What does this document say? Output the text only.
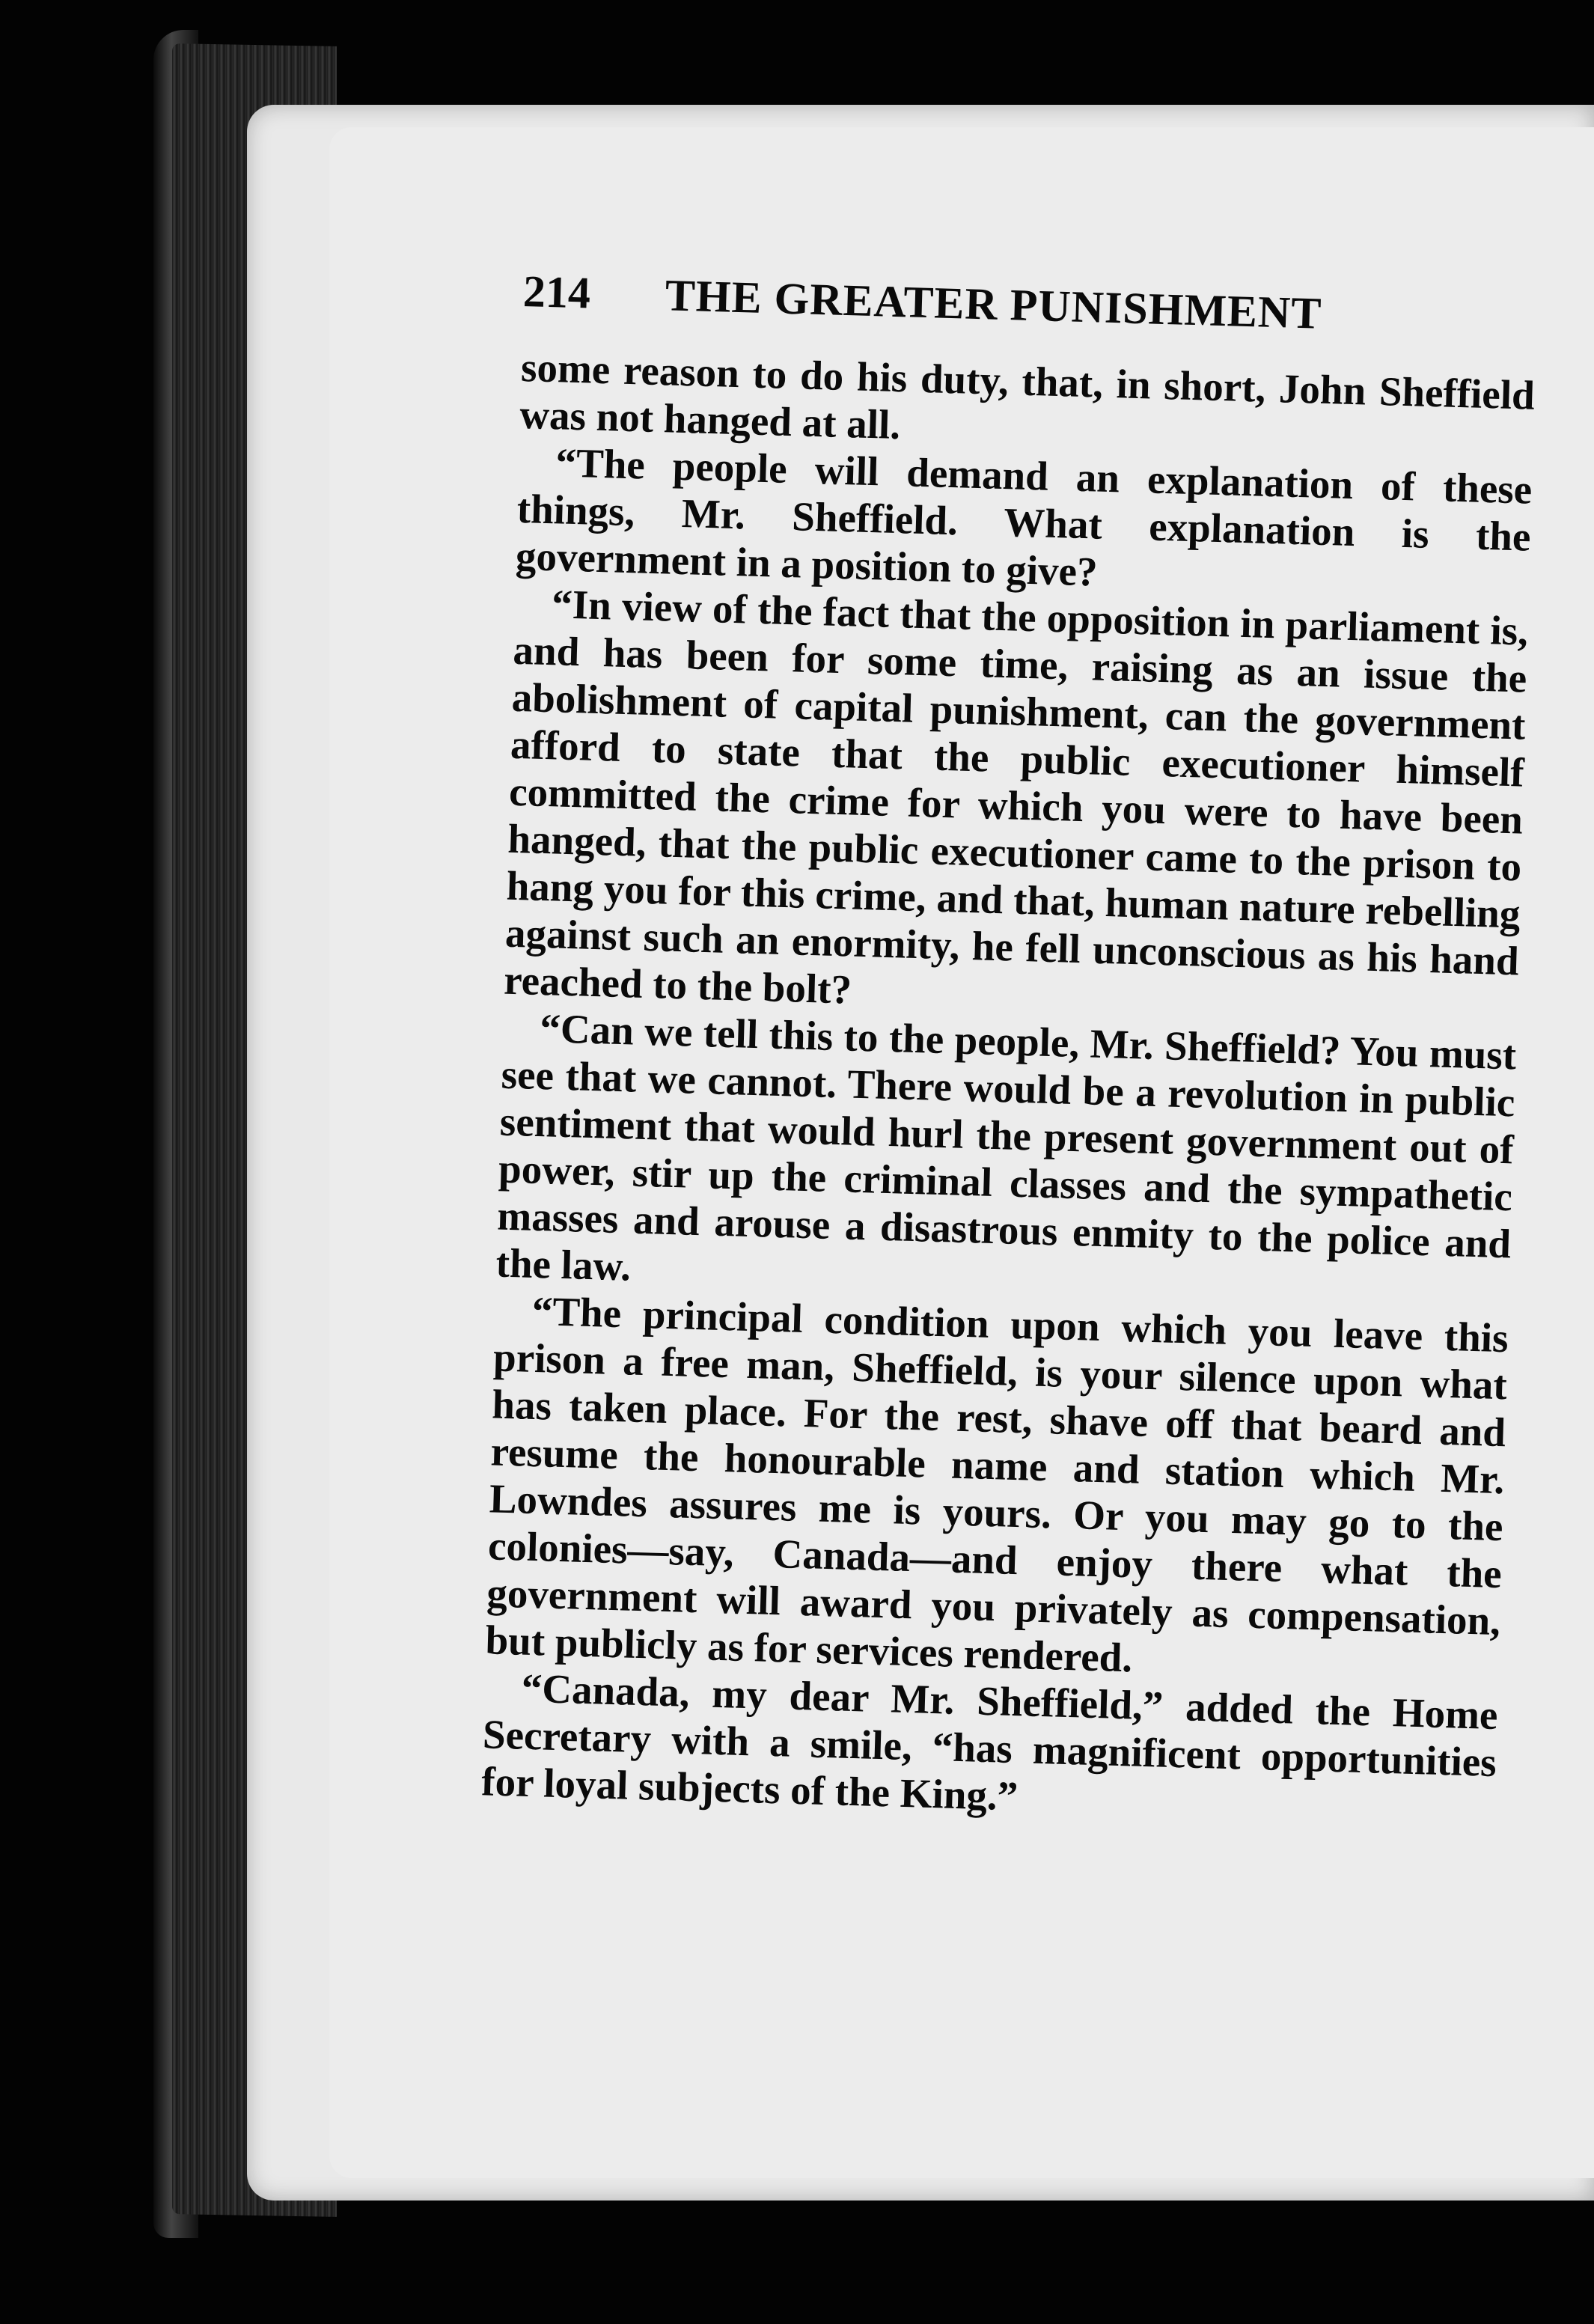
214	THE GREATER PUNISHMENT

some reason to do his duty, that, in short, John Sheffield was not hanged at all.

“The people will demand an explanation of these things, Mr. Sheffield. What explanation is the government in a position to give?

“In view of the fact that the opposition in parliament is, and has been for some time, raising as an issue the abolishment of capital punishment, can the government afford to state that the public executioner himself committed the crime for which you were to have been hanged, that the public executioner came to the prison to hang you for this crime, and that, human nature rebelling against such an enormity, he fell unconscious as his hand reached to the bolt?

“Can we tell this to the people, Mr. Sheffield? You must see that we cannot. There would be a revolution in public sentiment that would hurl the present government out of power, stir up the criminal classes and the sympathetic masses and arouse a disastrous enmity to the police and the law.

“The principal condition upon which you leave this prison a free man, Sheffield, is your silence upon what has taken place. For the rest, shave off that beard and resume the honourable name and station which Mr. Lowndes assures me is yours. Or you may go to the colonies—say, Canada—and enjoy there what the government will award you privately as compensation, but publicly as for services rendered.

“Canada, my dear Mr. Sheffield,” added the Home Secretary with a smile, “has magnificent opportunities for loyal subjects of the King.”
